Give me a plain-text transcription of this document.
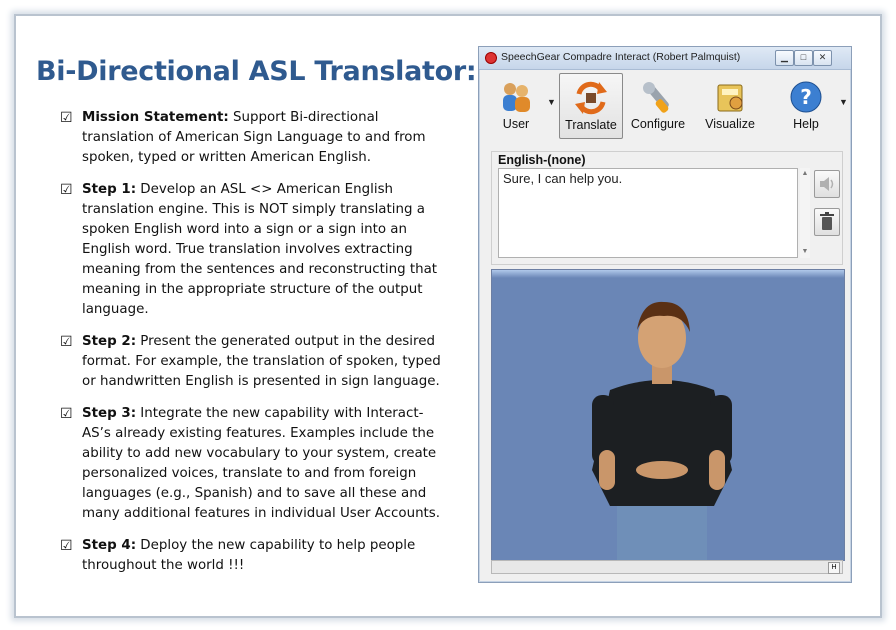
Bi-Directional ASL Translator:
☑ Mission Statement: Support Bi-directional translation of American Sign Language to and from spoken, typed or written American English.
☑ Step 1: Develop an ASL <> American English translation engine. This is NOT simply translating a spoken English word into a sign or a sign into an English word. True translation involves extracting meaning from the sentences and reconstructing that meaning in the appropriate structure of the output language.
☑ Step 2: Present the generated output in the desired format. For example, the translation of spoken, typed or handwritten English is presented in sign language.
☑ Step 3: Integrate the new capability with Interact-AS’s already existing features. Examples include the ability to add new vocabulary to your system, create personalized voices, translate to and from foreign languages (e.g., Spanish) and to save all these and many additional features in individual User Accounts.
☑ Step 4: Deploy the new capability to help people throughout the world !!!
SpeechGear Compadre Interact (Robert Palmquist)	▁	□	✕
User
▼
Translate	Configure	Visualize
?
Help
▼
English-(none)
Sure, I can help you.	▲
▼
H
